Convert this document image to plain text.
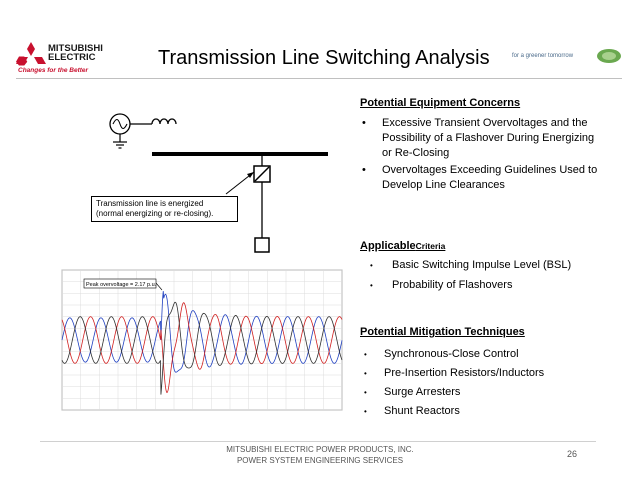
MITSUBISHI
ELECTRIC
Changes for the Better
Transmission Line Switching Analysis	for a greener tomorrow
Transmission line is energized
(normal energizing or re-closing).
Peak overvoltage = 2.17 p.u.
Potential Equipment Concerns
• Excessive Transient Overvoltages and the Possibility of a Flashover During Energizing or Re-Closing
• Overvoltages Exceeding Guidelines Used to Develop Line Clearances
ApplicableCriteria
• Basic Switching Impulse Level (BSL)
• Probability of Flashovers
Potential Mitigation Techniques
• Synchronous-Close Control
• Pre-Insertion Resistors/Inductors
• Surge Arresters
• Shunt Reactors
MITSUBISHI ELECTRIC POWER PRODUCTS, INC.
POWER SYSTEM ENGINEERING SERVICES
26
